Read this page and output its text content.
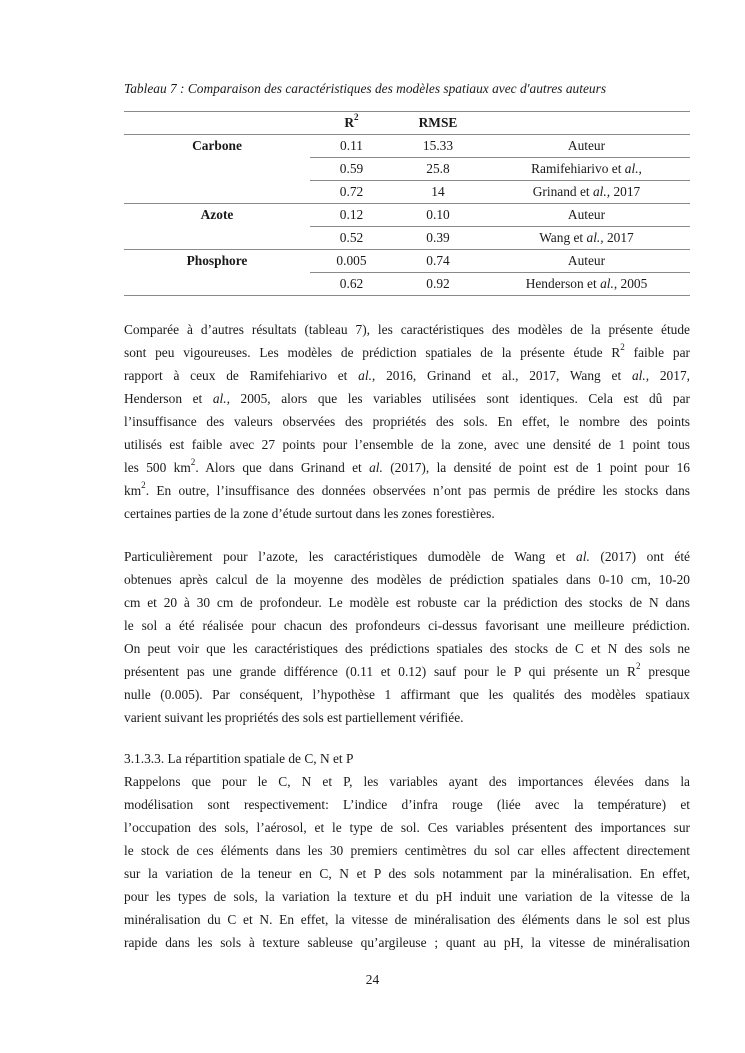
Tableau 7 : Comparaison des caractéristiques des modèles spatiaux avec d'autres auteurs
	$R^2$	RMSE	
Carbone	0.11	15.33	Auteur
	0.59	25.8	Ramifehiarivo et al.,
	0.72	14	Grinand et al., 2017
Azote	0.12	0.10	Auteur
	0.52	0.39	Wang et al., 2017
Phosphore	0.005	0.74	Auteur
	0.62	0.92	Henderson et al., 2005
Comparée à d’autres résultats (tableau 7), les caractéristiques des modèles de la présente étude
sont peu vigoureuses. Les modèles de prédiction spatiales de la présente étude $R^2$ faible par
rapport à ceux de Ramifehiarivo et al., 2016, Grinand et al., 2017, Wang et al., 2017,
Henderson et al., 2005, alors que les variables utilisées sont identiques. Cela est dû par
l’insuffisance des valeurs observées des propriétés des sols. En effet, le nombre des points
utilisés est faible avec 27 points pour l’ensemble de la zone, avec une densité de 1 point tous
les 500 $km^2$. Alors que dans Grinand et al. (2017), la densité de point est de 1 point pour 16
$km^2$. En outre, l’insuffisance des données observées n’ont pas permis de prédire les stocks dans
certaines parties de la zone d’étude surtout dans les zones forestières.
Particulièrement pour l’azote, les caractéristiques dumodèle de Wang et al. (2017) ont été
obtenues après calcul de la moyenne des modèles de prédiction spatiales dans 0-10 cm, 10-20
cm et 20 à 30 cm de profondeur. Le modèle est robuste car la prédiction des stocks de N dans
le sol a été réalisée pour chacun des profondeurs ci-dessus favorisant une meilleure prédiction.
On peut voir que les caractéristiques des prédictions spatiales des stocks de C et N des sols ne
présentent pas une grande différence (0.11 et 0.12) sauf pour le P qui présente un $R^2$ presque
nulle (0.005). Par conséquent, l’hypothèse 1 affirmant que les qualités des modèles spatiaux
varient suivant les propriétés des sols est partiellement vérifiée.
3.1.3.3. La répartition spatiale de C, N et P
Rappelons que pour le C, N et P, les variables ayant des importances élevées dans la
modélisation sont respectivement: L’indice d’infra rouge (liée avec la température) et
l’occupation des sols, l’aérosol, et le type de sol. Ces variables présentent des importances sur
le stock de ces éléments dans les 30 premiers centimètres du sol car elles affectent directement
sur la variation de la teneur en C, N et P des sols notamment par la minéralisation. En effet,
pour les types de sols, la variation la texture et du pH induit une variation de la vitesse de la
minéralisation du C et N. En effet, la vitesse de minéralisation des éléments dans le sol est plus
rapide dans les sols à texture sableuse qu’argileuse ; quant au pH, la vitesse de minéralisation
24
